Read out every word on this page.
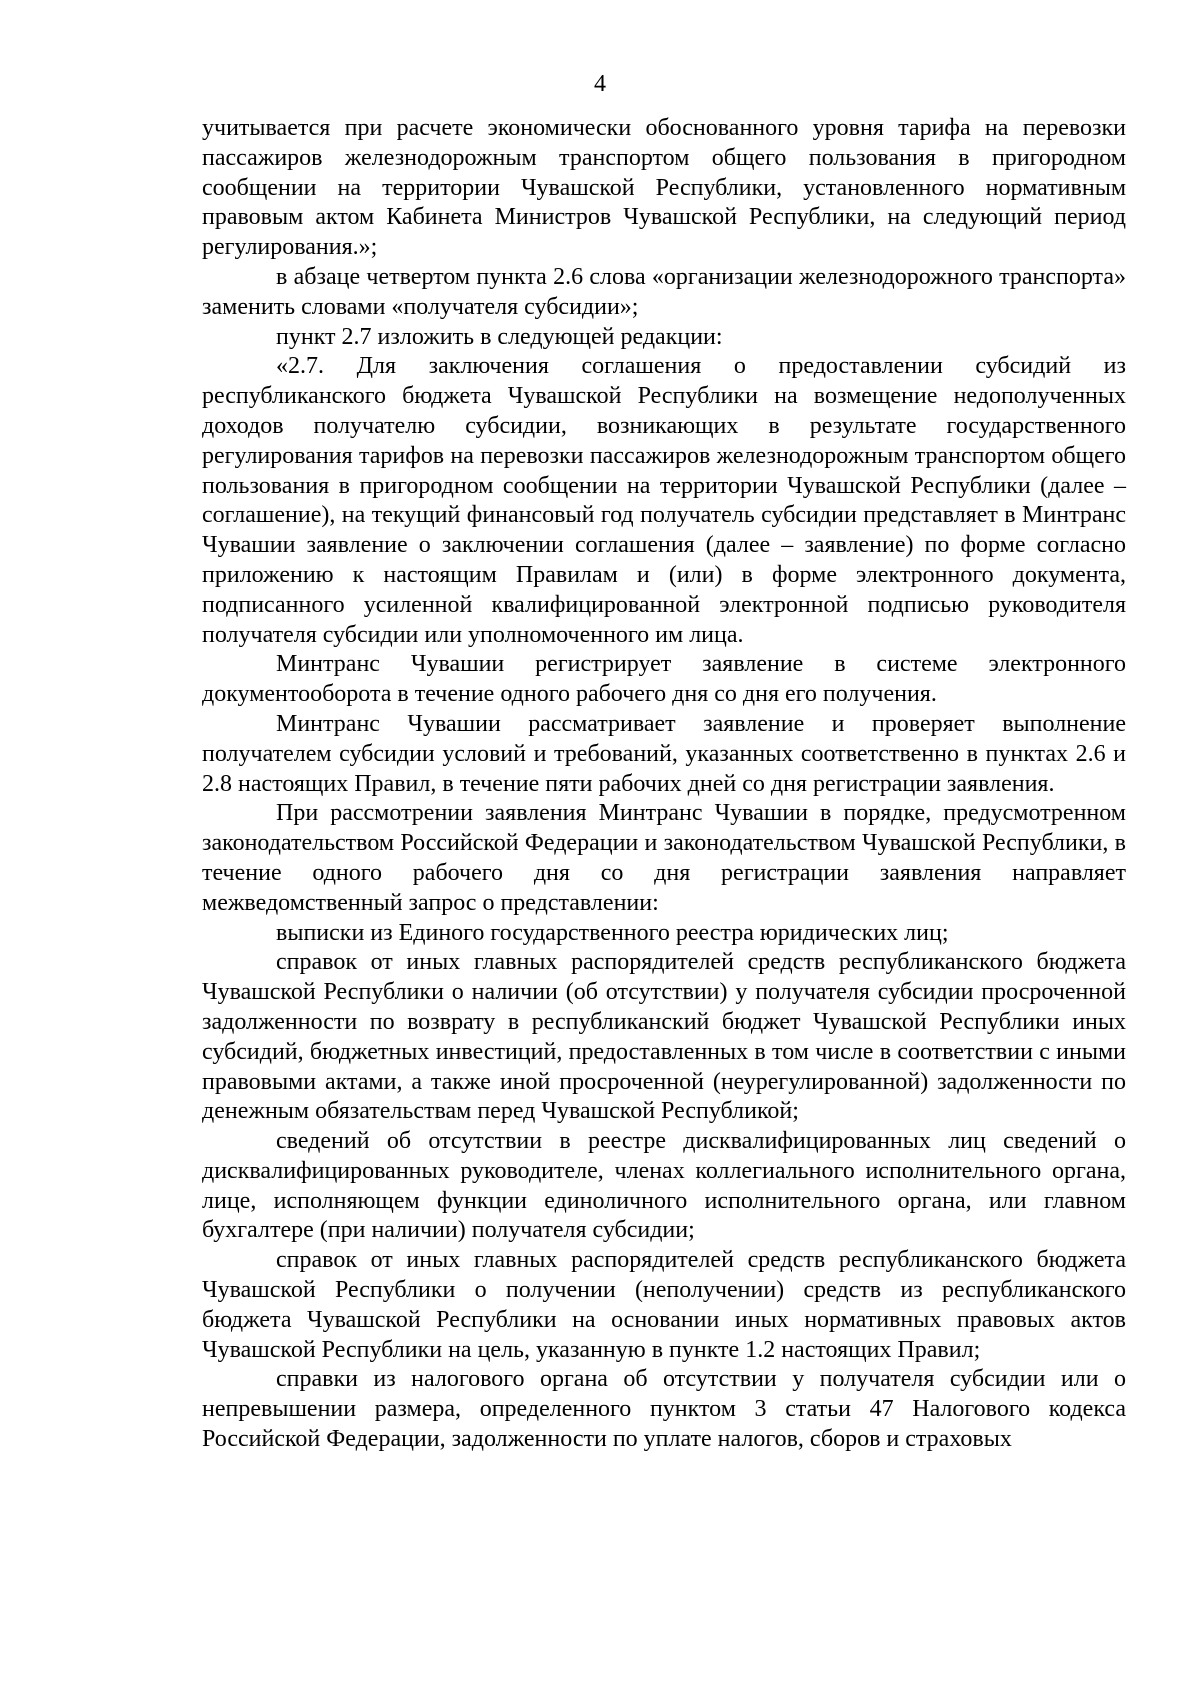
4

учитывается при расчете экономически обоснованного уровня тарифа на перевозки пассажиров железнодорожным транспортом общего пользования в пригородном сообщении на территории Чувашской Республики, установленного нормативным правовым актом Кабинета Министров Чувашской Республики, на следующий период регулирования.»;

в абзаце четвертом пункта 2.6 слова «организации железнодорожного транспорта» заменить словами «получателя субсидии»;

пункт 2.7 изложить в следующей редакции:

«2.7. Для заключения соглашения о предоставлении субсидий из республиканского бюджета Чувашской Республики на возмещение недополученных доходов получателю субсидии, возникающих в результате государственного регулирования тарифов на перевозки пассажиров железнодорожным транспортом общего пользования в пригородном сообщении на территории Чувашской Республики (далее – соглашение), на текущий финансовый год получатель субсидии представляет в Минтранс Чувашии заявление о заключении соглашения (далее – заявление) по форме согласно приложению к настоящим Правилам и (или) в форме электронного документа, подписанного усиленной квалифицированной электронной подписью руководителя получателя субсидии или уполномоченного им лица.

Минтранс Чувашии регистрирует заявление в системе электронного документооборота в течение одного рабочего дня со дня его получения.

Минтранс Чувашии рассматривает заявление и проверяет выполнение получателем субсидии условий и требований, указанных соответственно в пунктах 2.6 и 2.8 настоящих Правил, в течение пяти рабочих дней со дня регистрации заявления.

При рассмотрении заявления Минтранс Чувашии в порядке, предусмотренном законодательством Российской Федерации и законодательством Чувашской Республики, в течение одного рабочего дня со дня регистрации заявления направляет межведомственный запрос о представлении:

выписки из Единого государственного реестра юридических лиц;

справок от иных главных распорядителей средств республиканского бюджета Чувашской Республики о наличии (об отсутствии) у получателя субсидии просроченной задолженности по возврату в республиканский бюджет Чувашской Республики иных субсидий, бюджетных инвестиций, предоставленных в том числе в соответствии с иными правовыми актами, а также иной просроченной (неурегулированной) задолженности по денежным обязательствам перед Чувашской Республикой;

сведений об отсутствии в реестре дисквалифицированных лиц сведений о дисквалифицированных руководителе, членах коллегиального исполнительного органа, лице, исполняющем функции единоличного исполнительного органа, или главном бухгалтере (при наличии) получателя субсидии;

справок от иных главных распорядителей средств республиканского бюджета Чувашской Республики о получении (неполучении) средств из республиканского бюджета Чувашской Республики на основании иных нормативных правовых актов Чувашской Республики на цель, указанную в пункте 1.2 настоящих Правил;

справки из налогового органа об отсутствии у получателя субсидии или о непревышении размера, определенного пунктом 3 статьи 47 Налогового кодекса Российской Федерации, задолженности по уплате налогов, сборов и страховых
